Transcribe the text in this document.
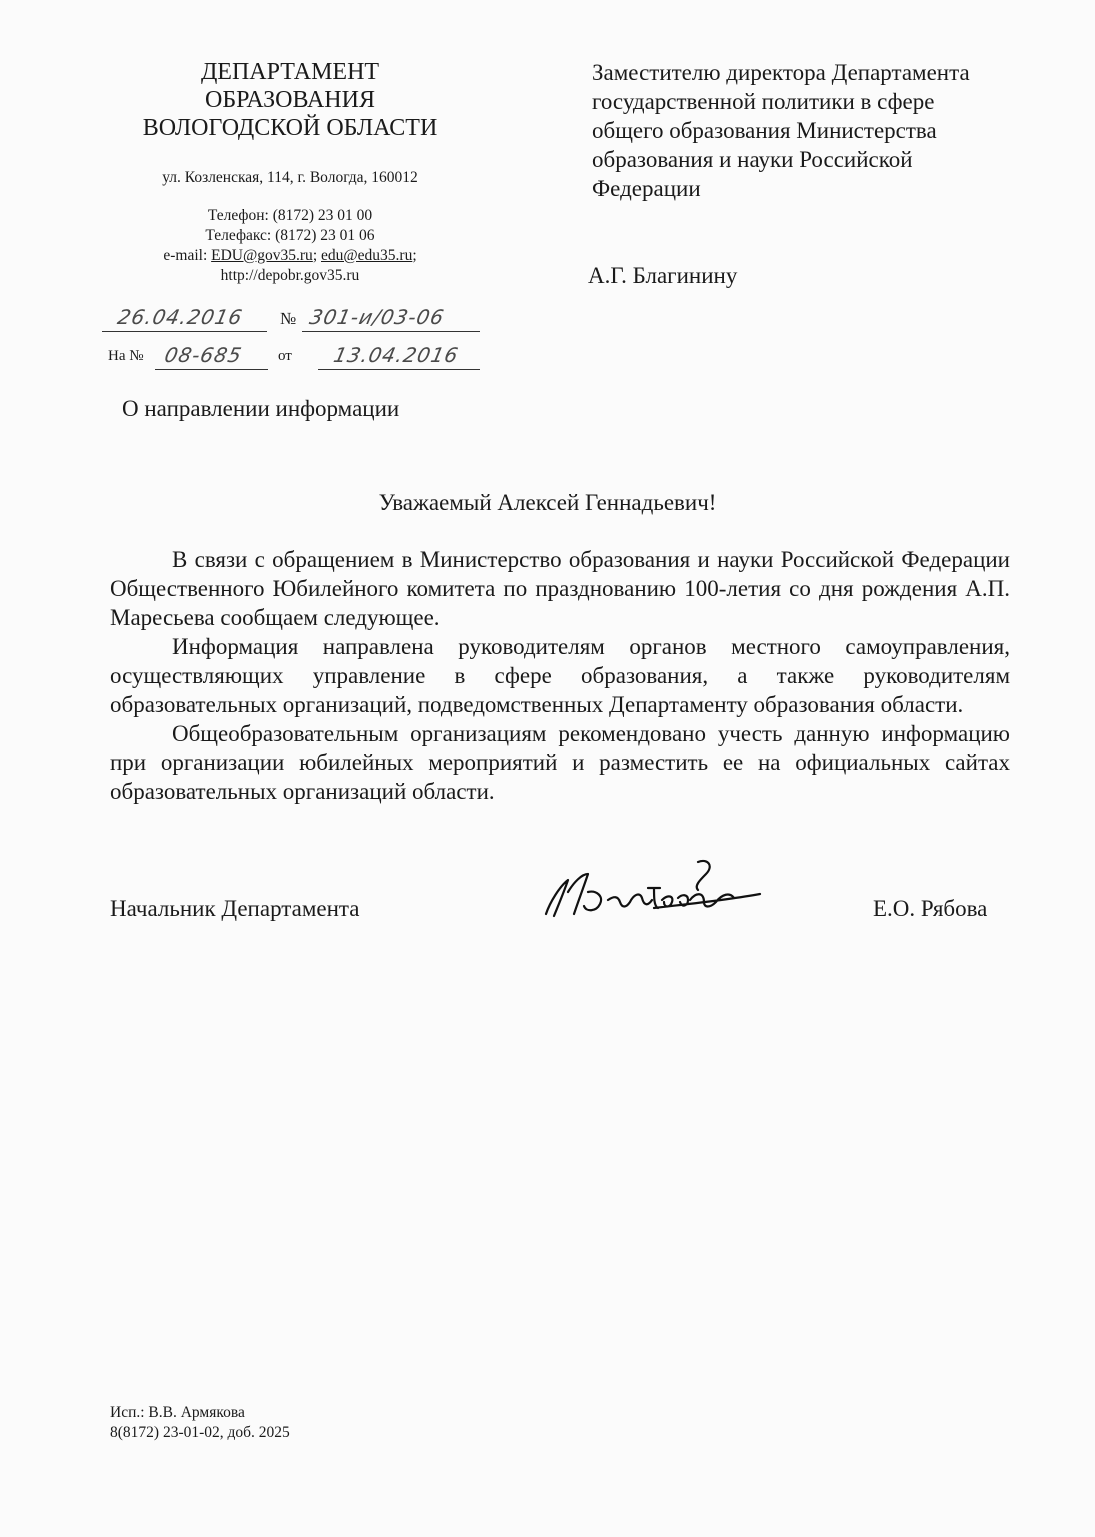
ДЕПАРТАМЕНТ
ОБРАЗОВАНИЯ
ВОЛОГОДСКОЙ ОБЛАСТИ
ул. Козленская, 114, г. Вологда, 160012
Телефон: (8172) 23 01 00
Телефакс: (8172) 23 01 06
e-mail: EDU@gov35.ru; edu@edu35.ru;
http://depobr.gov35.ru
26.04.2016 № 301-и/03-06
На № 08-685 от 13.04.2016
Заместителю директора Департамента
государственной политики в сфере
общего образования Министерства
образования и науки Российской
Федерации
А.Г. Благинину
О направлении информации
Уважаемый Алексей Геннадьевич!

В связи с обращением в Министерство образования и науки Российской Федерации Общественного Юбилейного комитета по празднованию 100-летия со дня рождения А.П. Маресьева сообщаем следующее.

Информация направлена руководителям органов местного самоуправления, осуществляющих управление в сфере образования, а также руководителям образовательных организаций, подведомственных Департаменту образования области.

Общеобразовательным организациям рекомендовано учесть данную информацию при организации юбилейных мероприятий и разместить ее на официальных сайтах образовательных организаций области.

Начальник Департамента	Е.О. Рябова
Исп.: В.В. Армякова
8(8172) 23-01-02, доб. 2025
